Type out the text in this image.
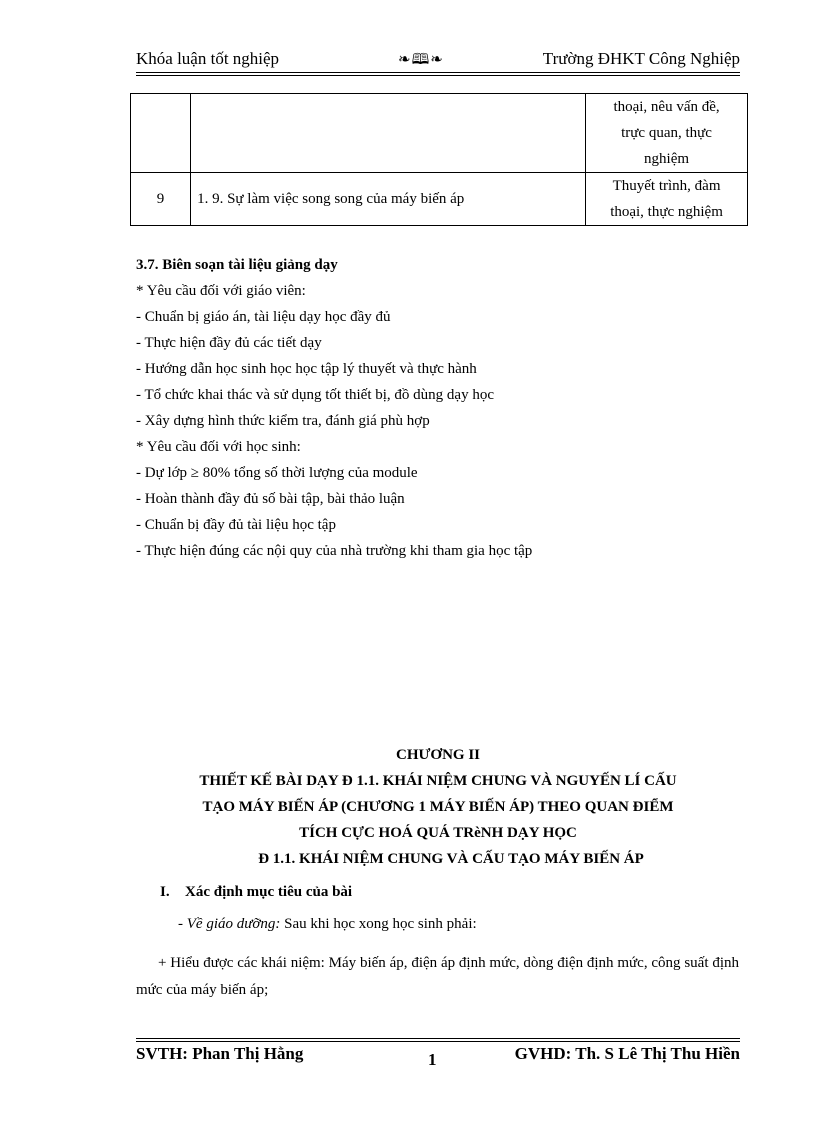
Khóa luận tốt nghiệp	❧🕮❧	Trường ĐHKT Công Nghiệp

		thoại, nêu vấn đề,
trực quan, thực
nghiệm

9	1. 9. Sự làm việc song song của máy biến áp	Thuyết trình, đàm
thoại, thực nghiệm
3.7. Biên soạn tài liệu giảng dạy
* Yêu cầu đối với giáo viên:
- Chuẩn bị giáo án, tài liệu dạy học đầy đủ
- Thực hiện đầy đủ các tiết dạy
- Hướng dẫn học sinh học học tập lý thuyết và thực hành
- Tổ chức khai thác và sử dụng tốt thiết bị, đồ dùng dạy học
- Xây dựng hình thức kiểm tra, đánh giá phù hợp
* Yêu cầu đối với học sinh:
- Dự lớp ≥ 80% tổng số thời lượng của module
- Hoàn thành đầy đủ số bài tập, bài thảo luận
- Chuẩn bị đầy đủ tài liệu học tập
- Thực hiện đúng các nội quy của nhà trường khi tham gia học tập
CHƯƠNG II
THIẾT KẾ BÀI DẠY Đ 1.1. KHÁI NIỆM CHUNG VÀ NGUYẾN LÍ CẤU
TẠO MÁY BIẾN ÁP (CHƯƠNG 1 MÁY BIẾN ÁP) THEO QUAN ĐIỂM
TÍCH CỰC HOÁ QUÁ TRèNH DẠY HỌC
Đ 1.1. KHÁI NIỆM CHUNG VÀ CẤU TẠO MÁY BIẾN ÁP
I. Xác định mục tiêu của bài
- Về giáo dưỡng: Sau khi học xong học sinh phải:
+ Hiểu được các khái niệm: Máy biến áp, điện áp định mức, dòng điện định mức, công suất định mức của máy biến áp;
SVTH: Phan Thị Hằng	1	GVHD: Th. S Lê Thị Thu Hiền
